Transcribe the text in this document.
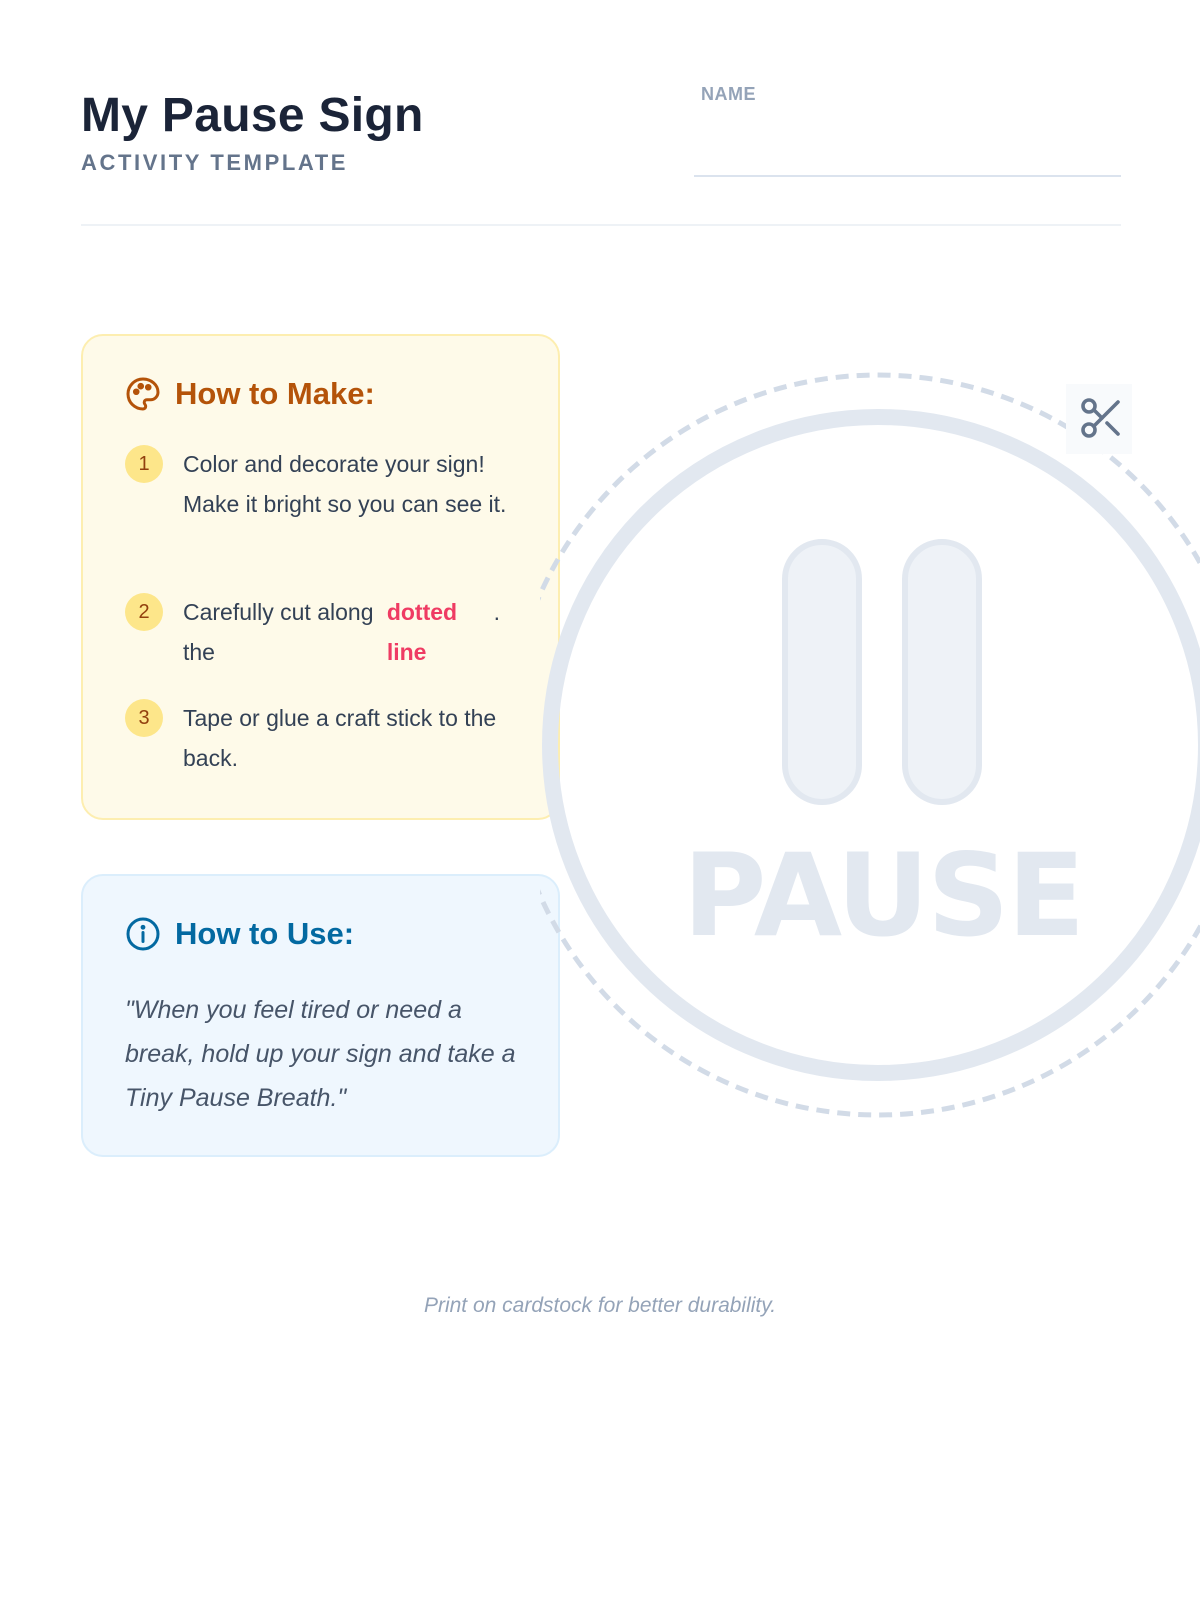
My Pause Sign
ACTIVITY TEMPLATE
NAME
How to Make:
1	Color and decorate your sign! Make it bright so you can see it.
2	Carefully cut along the
dotted line
.
3	Tape or glue a craft stick to the back.
How to Use:
"When you feel tired or need a break, hold up your sign and take a Tiny Pause Breath."
PAUSE
Print on cardstock for better durability.
